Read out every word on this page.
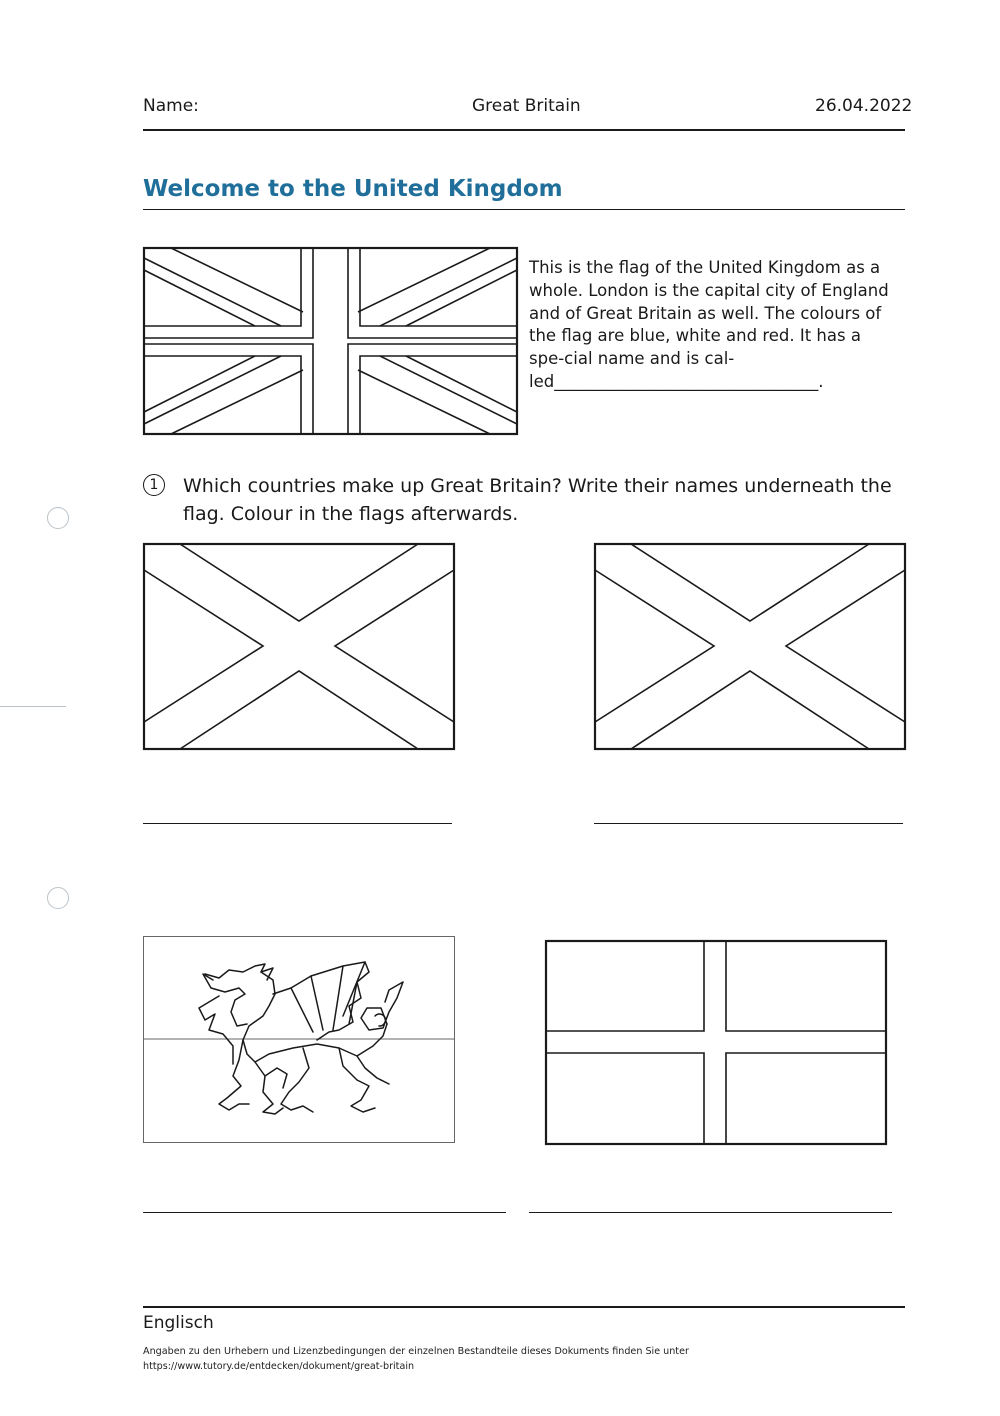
Name:	Great Britain	26.04.2022
Welcome to the United Kingdom
This is the flag of the United Kingdom as a whole. London is the capital city of England and of Great Britain as well. The colours of the flag are blue, white and red. It has a spe-cial name and is cal-led________________________________.
1	Which countries make up Great Britain? Write their names underneath the flag. Colour in the flags afterwards.
Englisch
Angaben zu den Urhebern und Lizenzbedingungen der einzelnen Bestandteile dieses Dokuments finden Sie unter https://www.tutory.de/entdecken/dokument/great-britain
